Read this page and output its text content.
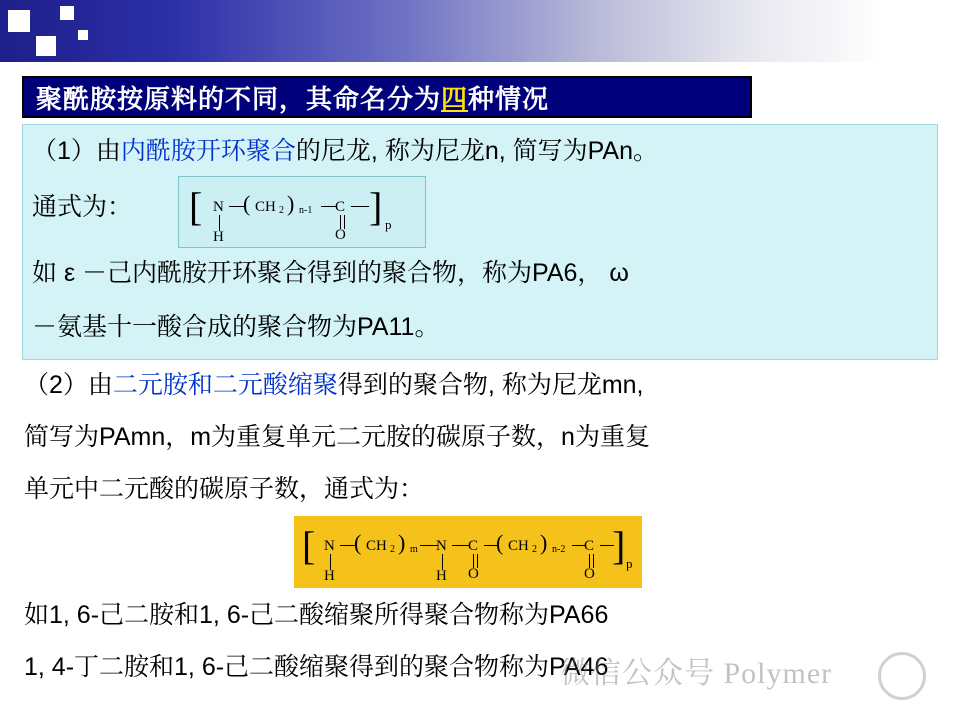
聚酰胺按原料的不同，其命名分为四种情况
（1）由内酰胺开环聚合的尼龙, 称为尼龙n, 简写为PAn。
通式为： [ N
H
( CH 2 ) n-1 C
O
] p
如 ε －己内酰胺开环聚合得到的聚合物，称为PA6， ω
－氨基十一酸合成的聚合物为PA11。
（2）由二元胺和二元酸缩聚得到的聚合物, 称为尼龙mn,
简写为PAmn，m为重复单元二元胺的碳原子数，n为重复
单元中二元酸的碳原子数，通式为：
[ N
H
( CH 2 ) m N
H
C
O
( CH 2 ) n-2 C
O
] p
如1, 6-己二胺和1, 6-己二酸缩聚所得聚合物称为PA66
1, 4-丁二胺和1, 6-己二酸缩聚得到的聚合物称为PA46
微信公众号 Polymer
